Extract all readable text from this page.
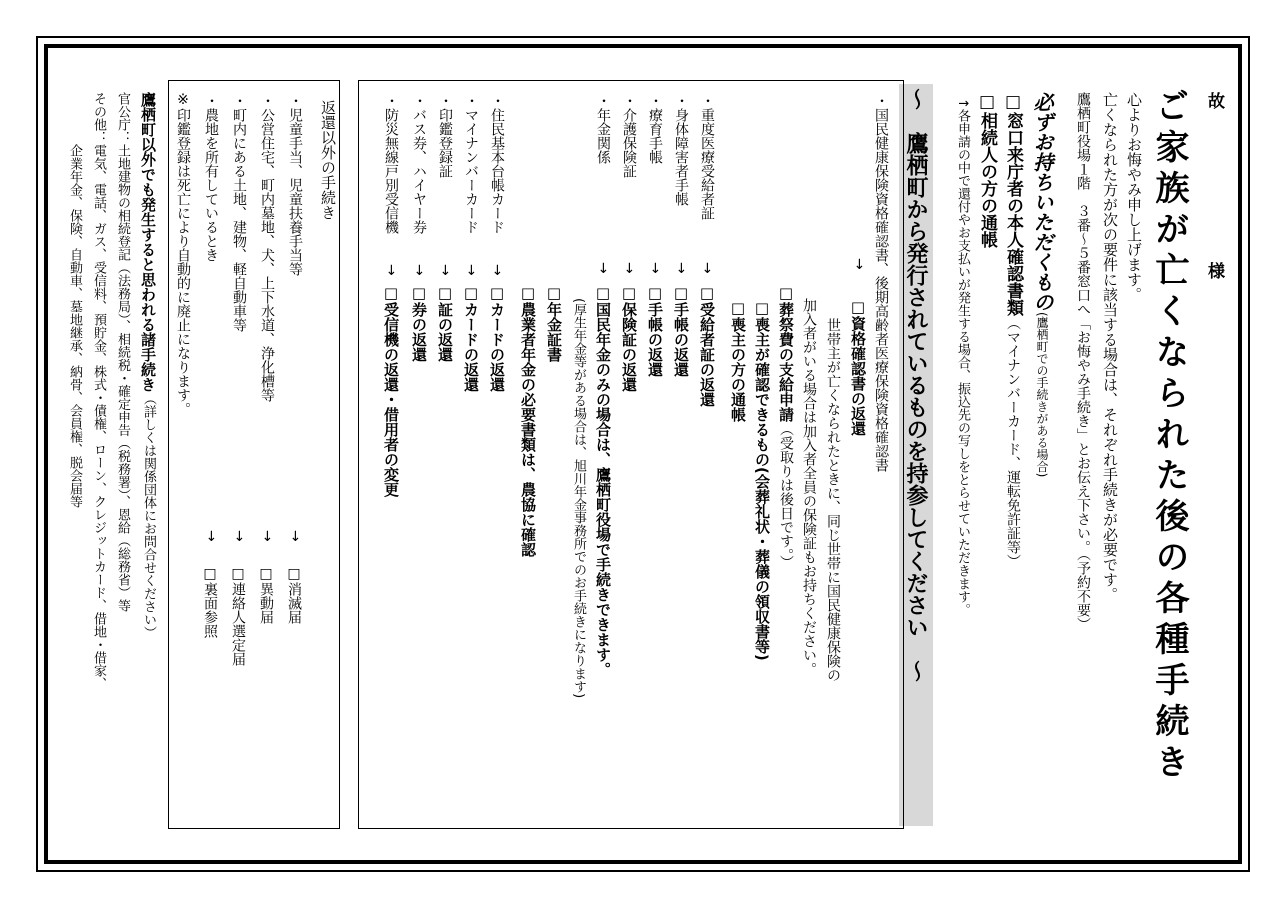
故
様
ご家族が亡くなられた後の各種手続き
心よりお悔やみ申し上げます。
亡くなられた方が次の要件に該当する場合は、それぞれ手続きが必要です。
鷹栖町役場１階　３番～５番窓口へ「お悔やみ手続き」とお伝え下さい。（予約不要）
必ずお持ちいただくもの(鷹栖町での手続きがある場合)
□窓口来庁者の本人確認書類（マイナンバーカード、運転免許証等）
□相続人の方の通帳
↑各申請の中で還付やお支払いが発生する場合、振込先の写しをとらせていただきます。
～　鷹栖町から発行されているものを持参してください　～
・国民健康保険資格確認書、後期高齢者医療保険資格確認書
→
□資格確認書の返還
世帯主が亡くなられたときに、同じ世帯に国民健康保険の
加入者がいる場合は加入者全員の保険証もお持ちください。
□葬祭費の支給申請（受取りは後日です。）
　□喪主が確認できるもの(会葬礼状・葬儀の領収書等)
　□喪主の方の通帳
・重度医療受給者証
→
□受給者証の返還
・身体障害者手帳
→
□手帳の返還
・療育手帳
→
□手帳の返還
・介護保険証
→
□保険証の返還
・年金関係
→
□国民年金のみの場合は、鷹栖町役場で手続きできます。
(厚生年金等がある場合は、旭川年金事務所でのお手続きになります)
□年金証書
□農業者年金の必要書類は、農協に確認
・住民基本台帳カード
→
□カードの返還
・マイナンバーカード
→
□カードの返還
・印鑑登録証
→
□証の返還
・バス券、ハイヤー券
→
□券の返還
・防災無線戸別受信機
→
□受信機の返還・借用者の変更
返還以外の手続き
・児童手当、児童扶養手当等
→
□消滅届
・公営住宅、町内墓地、犬、上下水道、浄化槽等
→
□異動届
・町内にある土地、建物、軽自動車等
→
□連絡人選定届
・農地を所有しているとき
→
□裏面参照
※印鑑登録は死亡により自動的に廃止になります。
鷹栖町以外でも発生すると思われる諸手続き（詳しくは関係団体にお問合せください）
官公庁：土地建物の相続登記（法務局）、相続税・確定申告（税務署）、恩給（総務省）等
その他：電気、電話、ガス、受信料、預貯金、株式・債権、ローン、クレジットカード、借地・借家、
　　　　企業年金、保険、自動車、墓地継承、納骨、会員権、脱会届等
